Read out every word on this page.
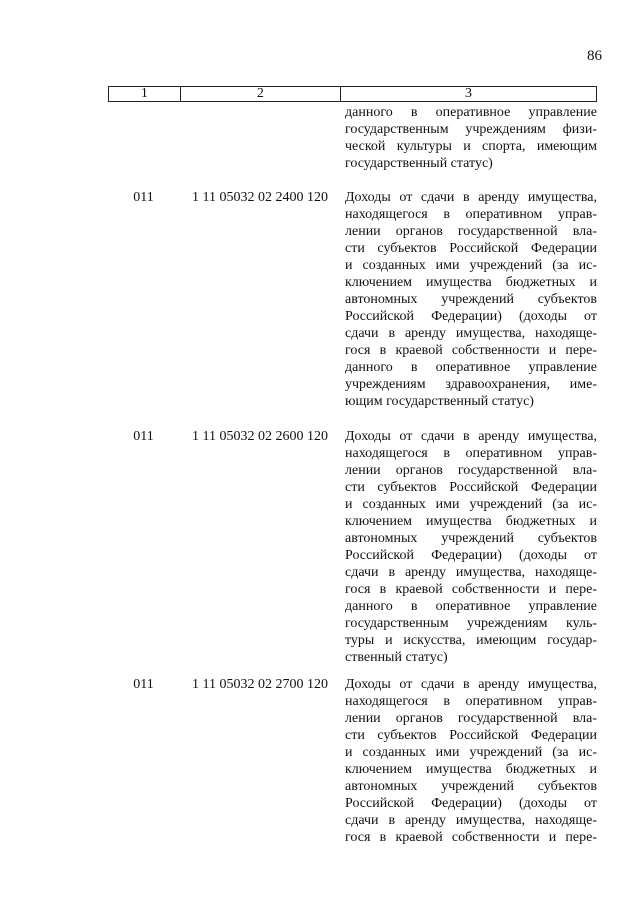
86
1	2	3
данного в оперативное управление
государственным учреждениям физи-
ческой культуры и спорта, имеющим
государственный статус)
011	1 11 05032 02 2400 120	Доходы от сдачи в аренду имущества,
находящегося в оперативном управ-
лении органов государственной вла-
сти субъектов Российской Федерации
и созданных ими учреждений (за ис-
ключением имущества бюджетных и
автономных учреждений субъектов
Российской Федерации) (доходы от
сдачи в аренду имущества, находяще-
гося в краевой собственности и пере-
данного в оперативное управление
учреждениям здравоохранения, име-
ющим государственный статус)
011	1 11 05032 02 2600 120	Доходы от сдачи в аренду имущества,
находящегося в оперативном управ-
лении органов государственной вла-
сти субъектов Российской Федерации
и созданных ими учреждений (за ис-
ключением имущества бюджетных и
автономных учреждений субъектов
Российской Федерации) (доходы от
сдачи в аренду имущества, находяще-
гося в краевой собственности и пере-
данного в оперативное управление
государственным учреждениям куль-
туры и искусства, имеющим государ-
ственный статус)
011	1 11 05032 02 2700 120	Доходы от сдачи в аренду имущества,
находящегося в оперативном управ-
лении органов государственной вла-
сти субъектов Российской Федерации
и созданных ими учреждений (за ис-
ключением имущества бюджетных и
автономных учреждений субъектов
Российской Федерации) (доходы от
сдачи в аренду имущества, находяще-
гося в краевой собственности и пере-
